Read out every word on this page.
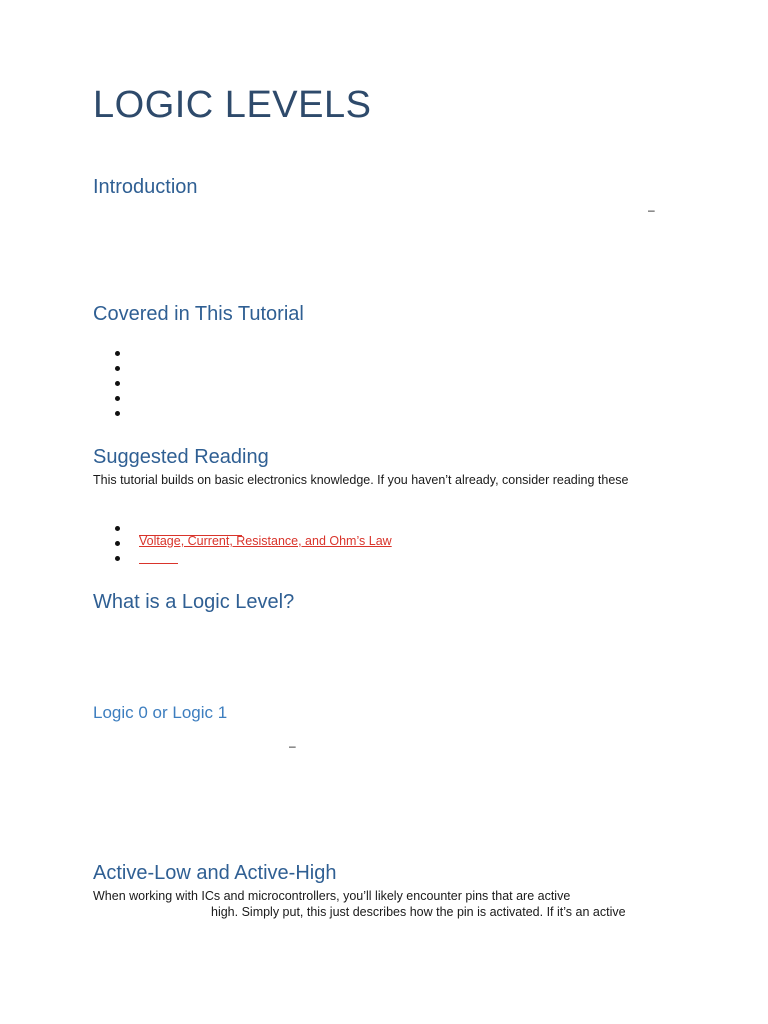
LOGIC LEVELS
Introduction
–
Covered in This Tutorial
Suggested Reading
This tutorial builds on basic electronics knowledge. If you haven’t already, consider reading these
Voltage, Current, Resistance, and Ohm’s Law
What is a Logic Level?
Logic 0 or Logic 1
–
Active-Low and Active-High
When working with ICs and microcontrollers, you’ll likely encounter pins that are active
high. Simply put, this just describes how the pin is activated. If it’s an active
